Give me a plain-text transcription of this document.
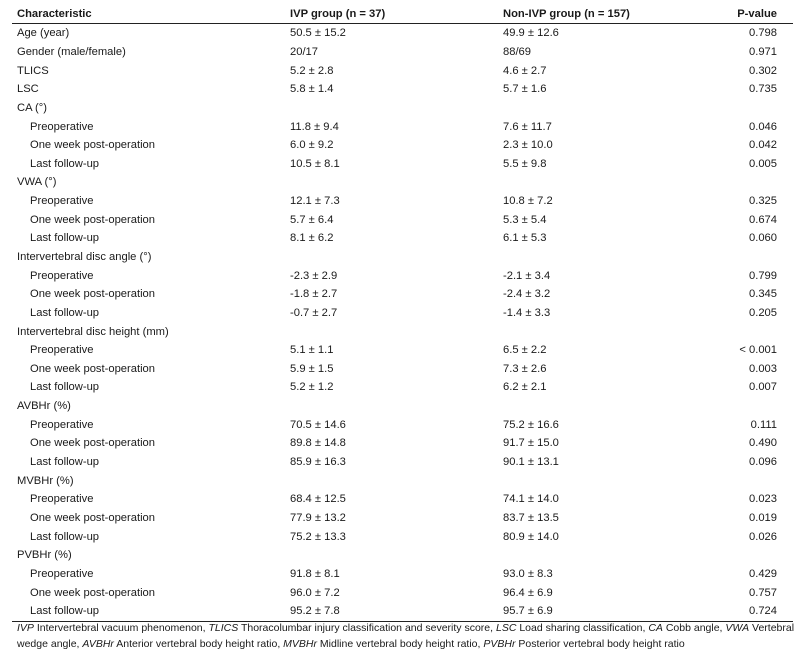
Characteristic	IVP group (n = 37)	Non-IVP group (n = 157)	P-value
Age (year)	50.5 ± 15.2	49.9 ± 12.6	0.798
Gender (male/female)	20/17	88/69	0.971
TLICS	5.2 ± 2.8	4.6 ± 2.7	0.302
LSC	5.8 ± 1.4	5.7 ± 1.6	0.735
CA (°)			
Preoperative	11.8 ± 9.4	7.6 ± 11.7	0.046
One week post-operation	6.0 ± 9.2	2.3 ± 10.0	0.042
Last follow-up	10.5 ± 8.1	5.5 ± 9.8	0.005
VWA (°)			
Preoperative	12.1 ± 7.3	10.8 ± 7.2	0.325
One week post-operation	5.7 ± 6.4	5.3 ± 5.4	0.674
Last follow-up	8.1 ± 6.2	6.1 ± 5.3	0.060
Intervertebral disc angle (°)			
Preoperative	-2.3 ± 2.9	-2.1 ± 3.4	0.799
One week post-operation	-1.8 ± 2.7	-2.4 ± 3.2	0.345
Last follow-up	-0.7 ± 2.7	-1.4 ± 3.3	0.205
Intervertebral disc height (mm)			
Preoperative	5.1 ± 1.1	6.5 ± 2.2	< 0.001
One week post-operation	5.9 ± 1.5	7.3 ± 2.6	0.003
Last follow-up	5.2 ± 1.2	6.2 ± 2.1	0.007
AVBHr (%)			
Preoperative	70.5 ± 14.6	75.2 ± 16.6	0.111
One week post-operation	89.8 ± 14.8	91.7 ± 15.0	0.490
Last follow-up	85.9 ± 16.3	90.1 ± 13.1	0.096
MVBHr (%)			
Preoperative	68.4 ± 12.5	74.1 ± 14.0	0.023
One week post-operation	77.9 ± 13.2	83.7 ± 13.5	0.019
Last follow-up	75.2 ± 13.3	80.9 ± 14.0	0.026
PVBHr (%)			
Preoperative	91.8 ± 8.1	93.0 ± 8.3	0.429
One week post-operation	96.0 ± 7.2	96.4 ± 6.9	0.757
Last follow-up	95.2 ± 7.8	95.7 ± 6.9	0.724
IVP Intervertebral vacuum phenomenon, TLICS Thoracolumbar injury classification and severity score, LSC Load sharing classification, CA Cobb angle, VWA Vertebral wedge angle, AVBHr Anterior vertebral body height ratio, MVBHr Midline vertebral body height ratio, PVBHr Posterior vertebral body height ratio
